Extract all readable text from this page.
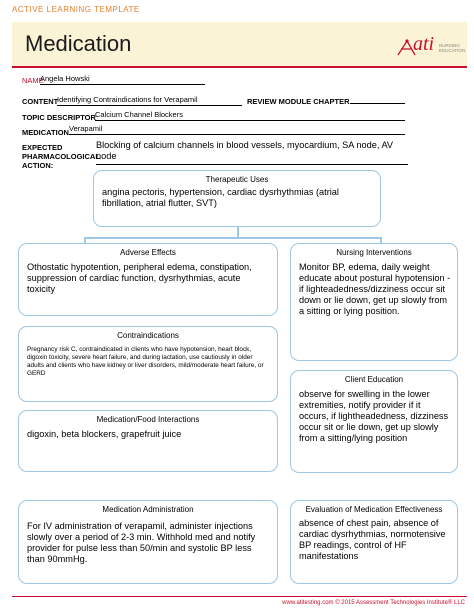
ACTIVE LEARNING TEMPLATE
Medication	ati NURSING
EDUCATION
NAME
Angela Howski
CONTENT
Identifying Contraindications for Verapamil	REVIEW MODULE CHAPTER
TOPIC DESCRIPTOR Calcium Channel Blockers
MEDICATION Verapamil
EXPECTED
PHARMACOLOGICAL
ACTION:
Blocking of calcium channels in blood vessels, myocardium, SA node, AV node
Therapeutic Uses
angina pectoris, hypertension, cardiac dysrhythmias (atrial fibrillation, atrial flutter, SVT)
Adverse Effects
Othostatic hypotention, peripheral edema, constipation, suppression of cardiac function, dysrhythmias, acute toxicity
Nursing Interventions
Monitor BP, edema, daily weight educate about postural hypotension - if lighteadedness/dizziness occur sit down or lie down, get up slowly from a sitting or lying position.
Contraindications
Pregnancy risk C, contraindicated in clients who have hypotension, heart block, digoxin toxicity, severe heart failure, and during lactation, use cautiously in older adults and clients who have kidney or liver disorders, mild/moderate heart failure, or GERD
Client Education
observe for swelling in the lower extremities, notify provider if it occurs, if lightheadedness, dizziness occur sit or lie down, get up slowly from a sitting/lying position
Medication/Food Interactions
digoxin, beta blockers, grapefruit juice
Medication Administration
For IV administration of verapamil, administer injections slowly over a period of 2-3 min. Withhold med and notify provider for pulse less than 50/min and systolic BP less than 90mmHg.
Evaluation of Medication Effectiveness
absence of chest pain, absence of cardiac dysrhythmias, normotensive BP readings, control of HF manifestations
www.atitesting.com © 2015 Assessment Technologies Institute® LLC
